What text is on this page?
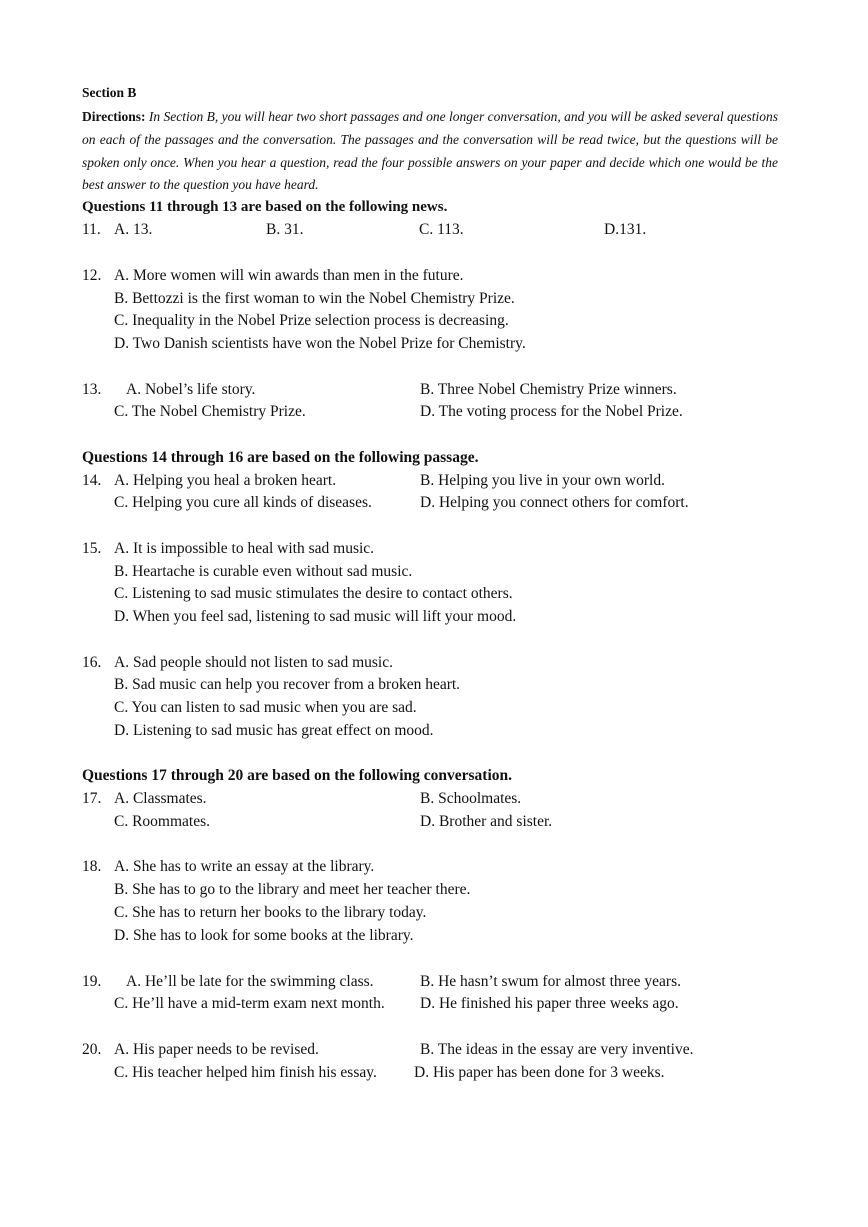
Section B
Directions: In Section B, you will hear two short passages and one longer conversation, and you will be asked several questions on each of the passages and the conversation. The passages and the conversation will be read twice, but the questions will be spoken only once. When you hear a question, read the four possible answers on your paper and decide which one would be the best answer to the question you have heard.
Questions 11 through 13 are based on the following news.
11. A. 13.	B. 31.	C. 113.	D.131.
12. A. More women will win awards than men in the future.
B. Bettozzi is the first woman to win the Nobel Chemistry Prize.
C. Inequality in the Nobel Prize selection process is decreasing.
D. Two Danish scientists have won the Nobel Prize for Chemistry.
13. A. Nobel’s life story.	B. Three Nobel Chemistry Prize winners.
C. The Nobel Chemistry Prize.	D. The voting process for the Nobel Prize.
Questions 14 through 16 are based on the following passage.
14. A. Helping you heal a broken heart.	B. Helping you live in your own world.
C. Helping you cure all kinds of diseases.	D. Helping you connect others for comfort.
15. A. It is impossible to heal with sad music.
B. Heartache is curable even without sad music.
C. Listening to sad music stimulates the desire to contact others.
D. When you feel sad, listening to sad music will lift your mood.
16. A. Sad people should not listen to sad music.
B. Sad music can help you recover from a broken heart.
C. You can listen to sad music when you are sad.
D. Listening to sad music has great effect on mood.
Questions 17 through 20 are based on the following conversation.
17. A. Classmates.	B. Schoolmates.
C. Roommates.	D. Brother and sister.
18. A. She has to write an essay at the library.
B. She has to go to the library and meet her teacher there.
C. She has to return her books to the library today.
D. She has to look for some books at the library.
19. A. He’ll be late for the swimming class.	B. He hasn’t swum for almost three years.
C. He’ll have a mid-term exam next month. D. He finished his paper three weeks ago.
20. A. His paper needs to be revised.	B. The ideas in the essay are very inventive.
C. His teacher helped him finish his essay. D. His paper has been done for 3 weeks.
